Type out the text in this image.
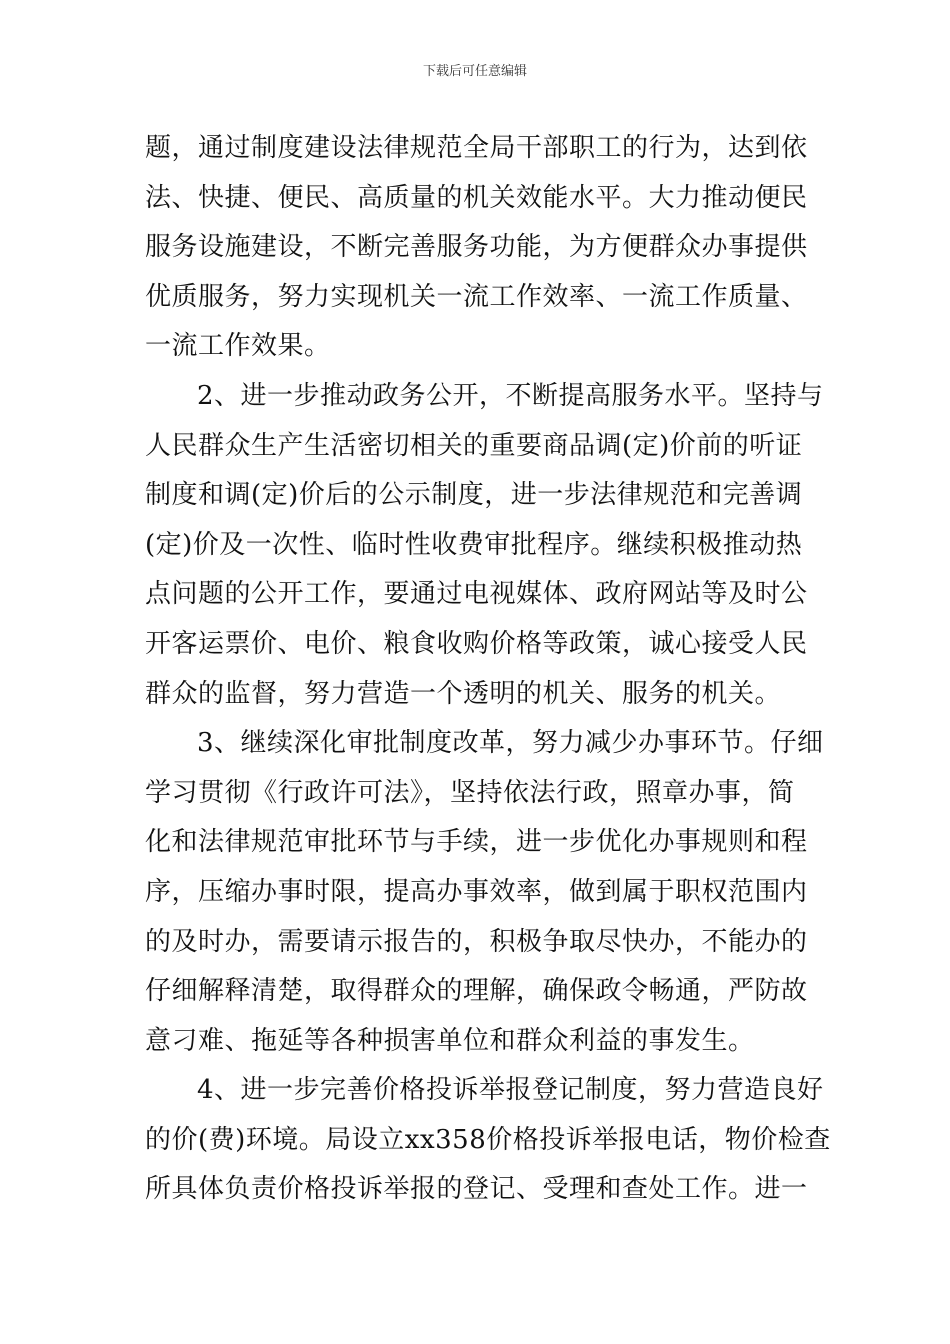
下载后可任意编辑
题，通过制度建设法律规范全局干部职工的行为，达到依
法、快捷、便民、高质量的机关效能水平。大力推动便民
服务设施建设，不断完善服务功能，为方便群众办事提供
优质服务，努力实现机关一流工作效率、一流工作质量、
一流工作效果。
2、进一步推动政务公开，不断提高服务水平。坚持与
人民群众生产生活密切相关的重要商品调(定)价前的听证
制度和调(定)价后的公示制度，进一步法律规范和完善调
(定)价及一次性、临时性收费审批程序。继续积极推动热
点问题的公开工作，要通过电视媒体、政府网站等及时公
开客运票价、电价、粮食收购价格等政策，诚心接受人民
群众的监督，努力营造一个透明的机关、服务的机关。
3、继续深化审批制度改革，努力减少办事环节。仔细
学习贯彻《行政许可法》，坚持依法行政，照章办事，简
化和法律规范审批环节与手续，进一步优化办事规则和程
序，压缩办事时限，提高办事效率，做到属于职权范围内
的及时办，需要请示报告的，积极争取尽快办，不能办的
仔细解释清楚，取得群众的理解，确保政令畅通，严防故
意刁难、拖延等各种损害单位和群众利益的事发生。
4、进一步完善价格投诉举报登记制度，努力营造良好
的价(费)环境。局设立xx358价格投诉举报电话，物价检查
所具体负责价格投诉举报的登记、受理和查处工作。进一
